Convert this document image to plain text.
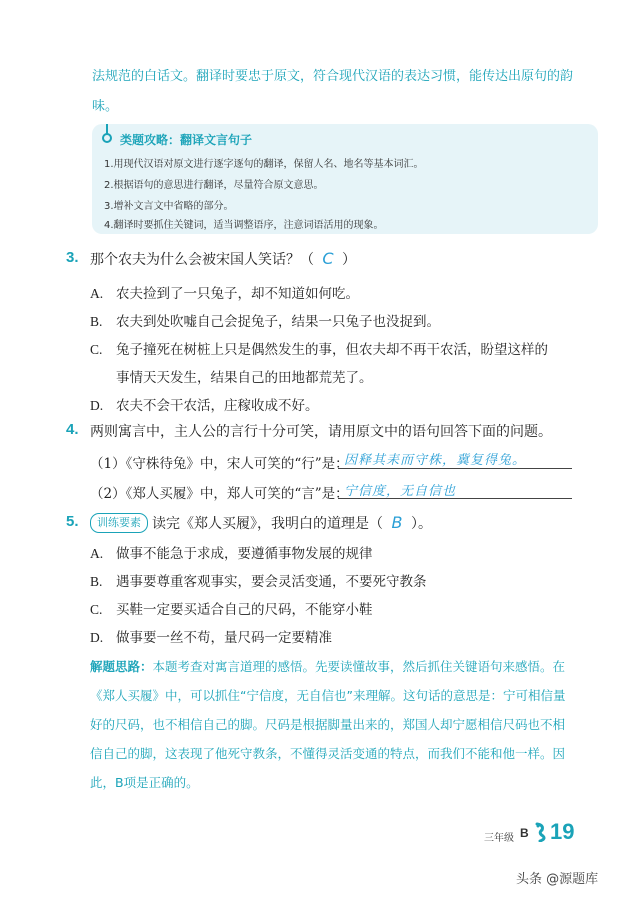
法规范的白话文。翻译时要忠于原文，符合现代汉语的表达习惯，能传达出原句的韵味。
类题攻略：翻译文言句子
1.用现代汉语对原文进行逐字逐句的翻译，保留人名、地名等基本词汇。
2.根据语句的意思进行翻译，尽量符合原文意思。
3.增补文言文中省略的部分。
4.翻译时要抓住关键词，适当调整语序，注意词语活用的现象。
3. 那个农夫为什么会被宋国人笑话？（ C ）
A. 农夫捡到了一只兔子，却不知道如何吃。
B. 农夫到处吹嘘自己会捉兔子，结果一只兔子也没捉到。
C. 兔子撞死在树桩上只是偶然发生的事，但农夫却不再干农活，盼望这样的
事情天天发生，结果自己的田地都荒芜了。
D. 农夫不会干农活，庄稼收成不好。
4. 两则寓言中，主人公的言行十分可笑，请用原文中的语句回答下面的问题。
（1）《守株待兔》中，宋人可笑的“行”是：
因释其耒而守株，冀复得兔。
（2）《郑人买履》中，郑人可笑的“言”是：
宁信度，无自信也
5.	训练要素 读完《郑人买履》，我明白的道理是（ B ）。
A. 做事不能急于求成，要遵循事物发展的规律
B. 遇事要尊重客观事实，要会灵活变通，不要死守教条
C. 买鞋一定要买适合自己的尺码，不能穿小鞋
D. 做事要一丝不苟，量尺码一定要精准
解题思路：本题考查对寓言道理的感悟。先要读懂故事，然后抓住关键语句来感悟。在《郑人买履》中，可以抓住“宁信度，无自信也”来理解。这句话的意思是：宁可相信量好的尺码，也不相信自己的脚。尺码是根据脚量出来的，郑国人却宁愿相信尺码也不相信自己的脚，这表现了他死守教条，不懂得灵活变通的特点，而我们不能和他一样。因此，B项是正确的。
三年级 B 19
头条 @源题库
